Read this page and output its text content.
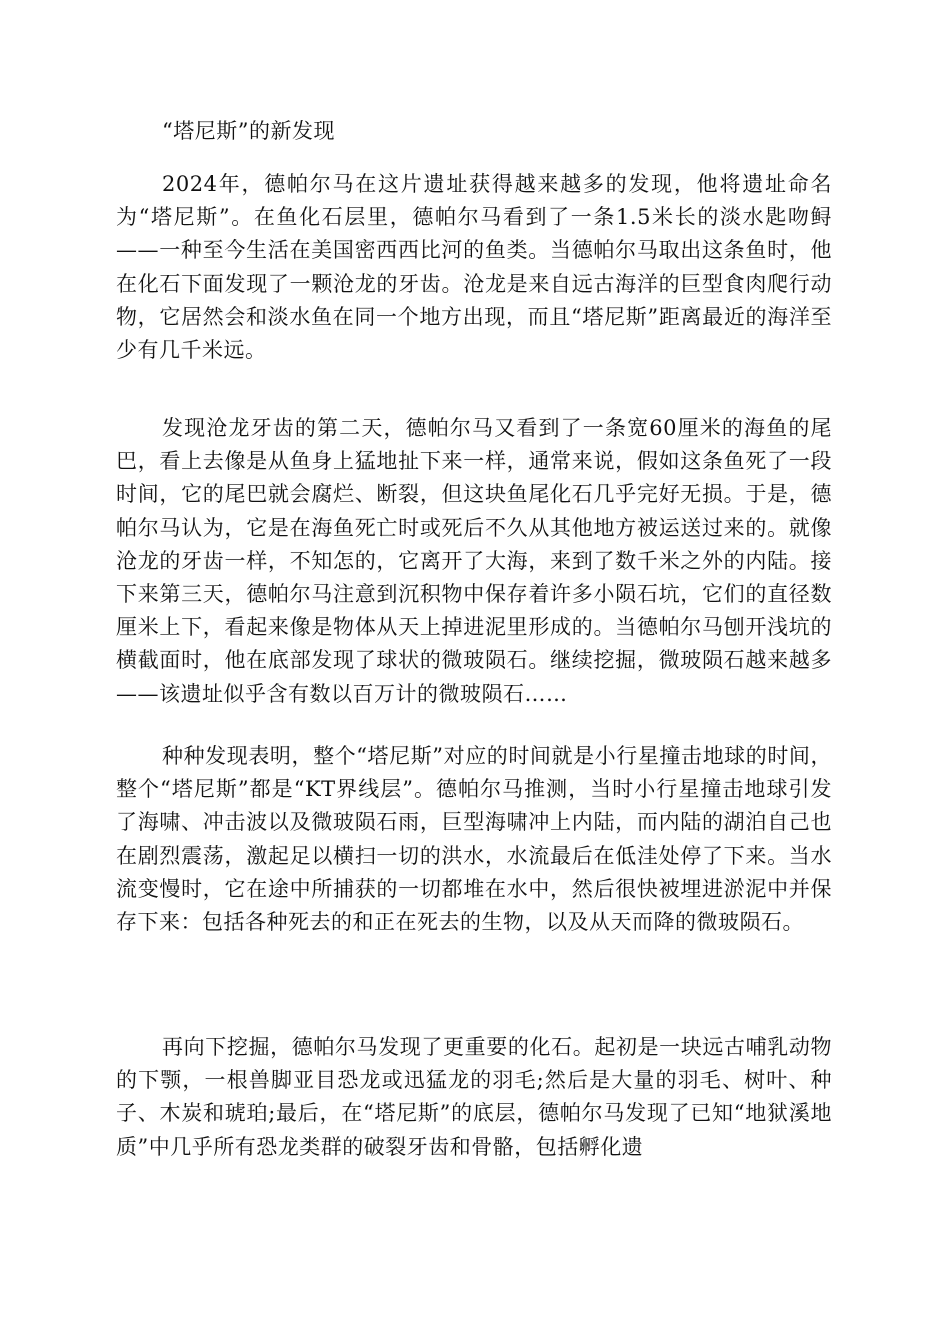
“塔尼斯”的新发现

2024年，德帕尔马在这片遗址获得越来越多的发现，他将遗址命名为“塔尼斯”。在鱼化石层里，德帕尔马看到了一条1.5米长的淡水匙吻鲟——一种至今生活在美国密西西比河的鱼类。当德帕尔马取出这条鱼时，他在化石下面发现了一颗沧龙的牙齿。沧龙是来自远古海洋的巨型食肉爬行动物，它居然会和淡水鱼在同一个地方出现，而且“塔尼斯”距离最近的海洋至少有几千米远。

发现沧龙牙齿的第二天，德帕尔马又看到了一条宽60厘米的海鱼的尾巴，看上去像是从鱼身上猛地扯下来一样，通常来说，假如这条鱼死了一段时间，它的尾巴就会腐烂、断裂，但这块鱼尾化石几乎完好无损。于是，德帕尔马认为，它是在海鱼死亡时或死后不久从其他地方被运送过来的。就像沧龙的牙齿一样，不知怎的，它离开了大海，来到了数千米之外的内陆。接下来第三天，德帕尔马注意到沉积物中保存着许多小陨石坑，它们的直径数厘米上下，看起来像是物体从天上掉进泥里形成的。当德帕尔马刨开浅坑的横截面时，他在底部发现了球状的微玻陨石。继续挖掘，微玻陨石越来越多——该遗址似乎含有数以百万计的微玻陨石……

种种发现表明，整个“塔尼斯”对应的时间就是小行星撞击地球的时间，整个“塔尼斯”都是“KT界线层”。德帕尔马推测，当时小行星撞击地球引发了海啸、冲击波以及微玻陨石雨，巨型海啸冲上内陆，而内陆的湖泊自己也在剧烈震荡，激起足以横扫一切的洪水，水流最后在低洼处停了下来。当水流变慢时，它在途中所捕获的一切都堆在水中，然后很快被埋进淤泥中并保存下来：包括各种死去的和正在死去的生物，以及从天而降的微玻陨石。

再向下挖掘，德帕尔马发现了更重要的化石。起初是一块远古哺乳动物的下颚，一根兽脚亚目恐龙或迅猛龙的羽毛;然后是大量的羽毛、树叶、种子、木炭和琥珀;最后，在“塔尼斯”的底层，德帕尔马发现了已知“地狱溪地质”中几乎所有恐龙类群的破裂牙齿和骨骼，包括孵化遗
